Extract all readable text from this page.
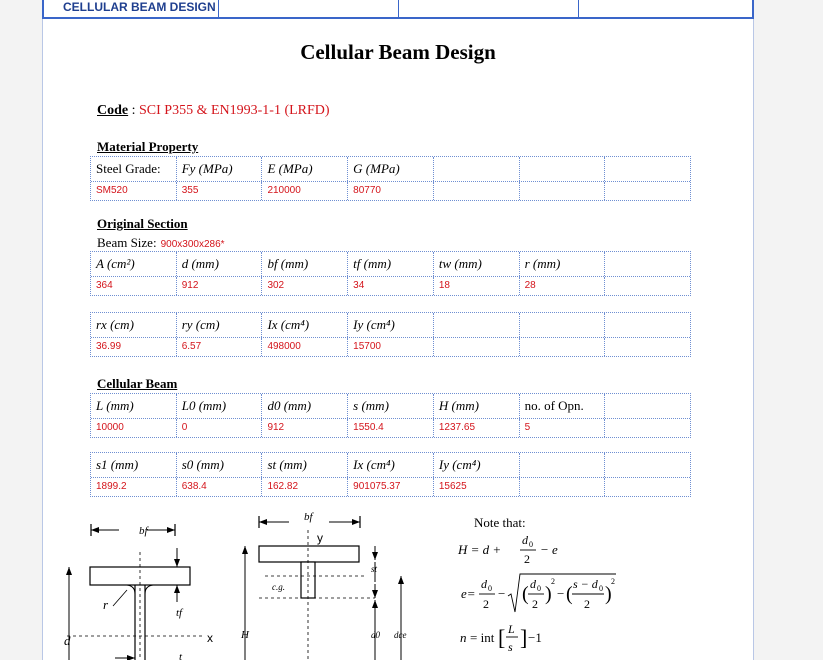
CELLULAR BEAM DESIGN
Cellular Beam Design
Code : SCI P355 & EN1993-1-1 (LRFD)
Material Property
Steel Grade:	Fy (MPa)	E (MPa)	G (MPa)
SM520	355	210000	80770
Original Section
Beam Size: 900x300x286*
A (cm²)	d (mm)	bf (mm)	tf (mm)	tw (mm)	r (mm)
364	912	302	34	18	28
rx (cm)	ry (cm)	Ix (cm⁴)	Iy (cm⁴)
36.99	6.57	498000	15700
Cellular Beam
L (mm)	L0 (mm)	d0 (mm)	s (mm)	H (mm)	no. of Opn.
10000	0	912	1550.4	1237.65	5
s1 (mm)	s0 (mm)	st (mm)	Ix (cm⁴)	Iy (cm⁴)
1899.2	638.4	162.82	901075.37	15625
bf
tf
r
d	x
t
bf
y
c.g.
H
st
d0 dce
Note that:
H = d +
d 0
2
− e
e=
d 0
2
− ( d 0
2 )
2
− ( s − d 0
2 )
2
n = int [ L
s ] −1
